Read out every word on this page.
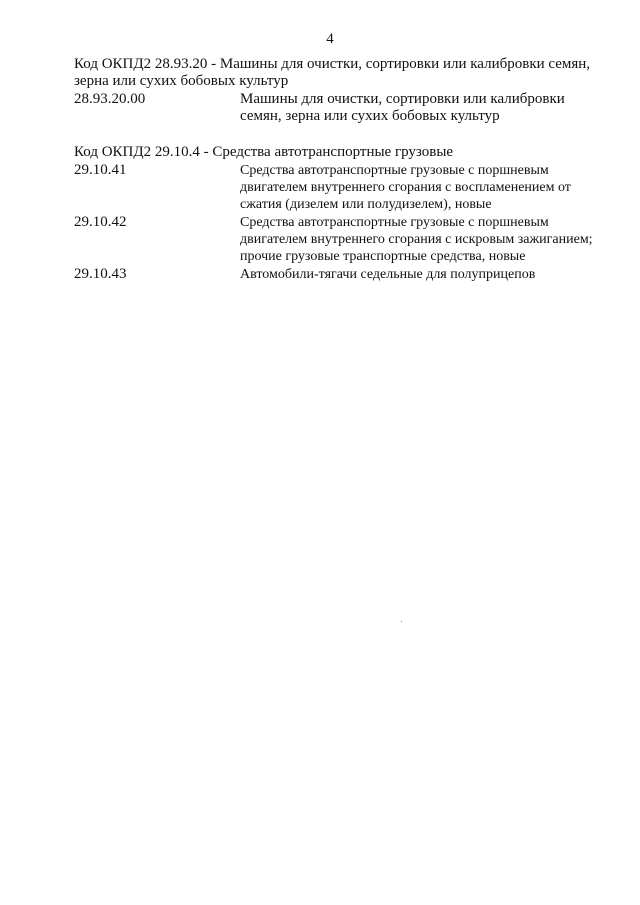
4

Код ОКПД2 28.93.20 - Машины для очистки, сортировки или калибровки семян, зерна или сухих бобовых культур

28.93.20.00	Машины для очистки, сортировки или калибровки семян, зерна или сухих бобовых культур

Код ОКПД2 29.10.4 - Средства автотранспортные грузовые

29.10.41	Средства автотранспортные грузовые с поршневым двигателем внутреннего сгорания с воспламенением от сжатия (дизелем или полудизелем), новые
29.10.42	Средства автотранспортные грузовые с поршневым двигателем внутреннего сгорания с искровым зажиганием; прочие грузовые транспортные средства, новые
29.10.43	Автомобили-тягачи седельные для полуприцепов
